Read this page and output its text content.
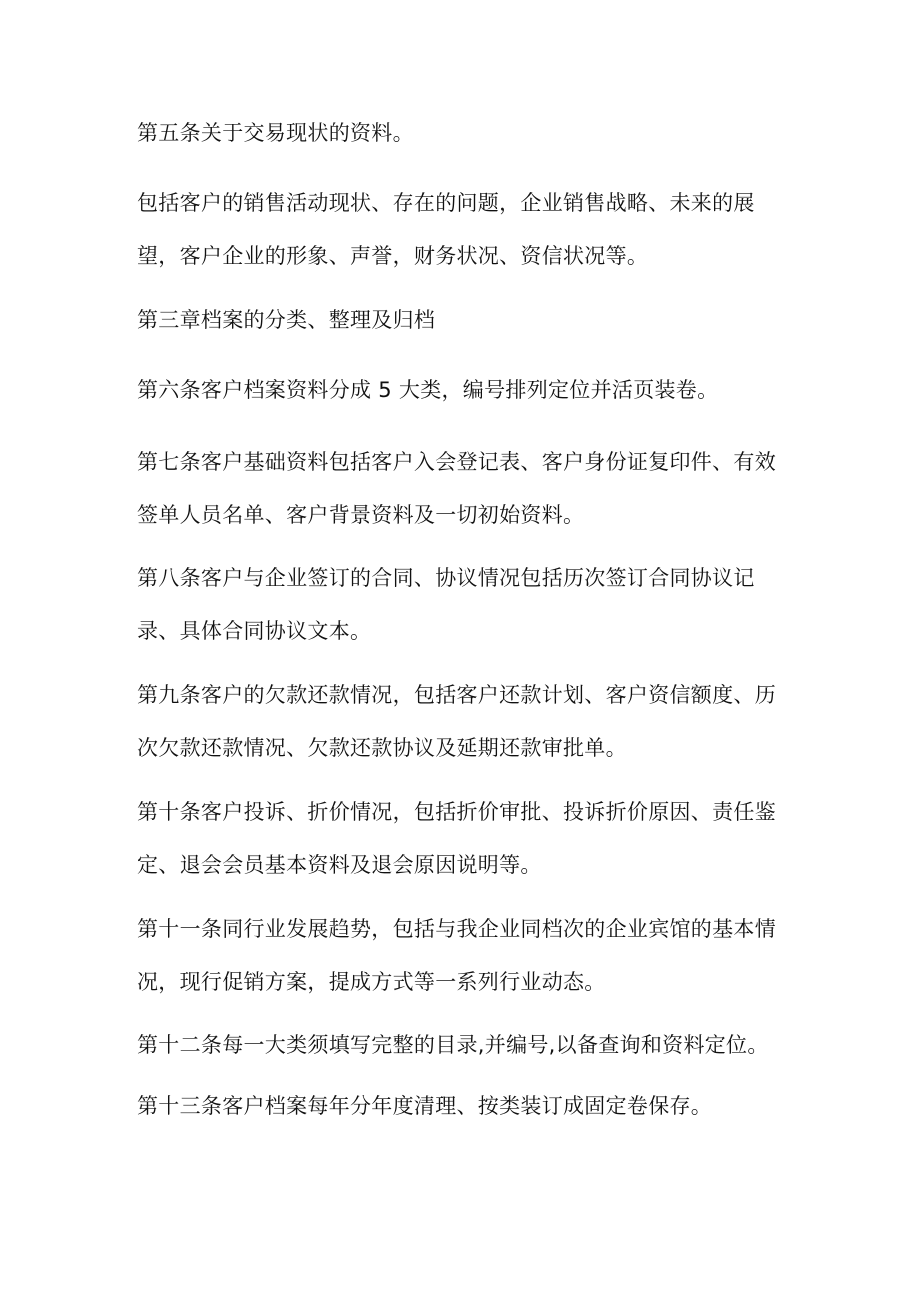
第五条关于交易现状的资料。

包括客户的销售活动现状、存在的问题，企业销售战略、未来的展望，客户企业的形象、声誉，财务状况、资信状况等。

第三章档案的分类、整理及归档

第六条客户档案资料分成 5 大类，编号排列定位并活页装卷。

第七条客户基础资料包括客户入会登记表、客户身份证复印件、有效签单人员名单、客户背景资料及一切初始资料。

第八条客户与企业签订的合同、协议情况包括历次签订合同协议记录、具体合同协议文本。

第九条客户的欠款还款情况，包括客户还款计划、客户资信额度、历次欠款还款情况、欠款还款协议及延期还款审批单。

第十条客户投诉、折价情况，包括折价审批、投诉折价原因、责任鉴定、退会会员基本资料及退会原因说明等。

第十一条同行业发展趋势，包括与我企业同档次的企业宾馆的基本情况，现行促销方案，提成方式等一系列行业动态。

第十二条每一大类须填写完整的目录,并编号,以备查询和资料定位。

第十三条客户档案每年分年度清理、按类装订成固定卷保存。
